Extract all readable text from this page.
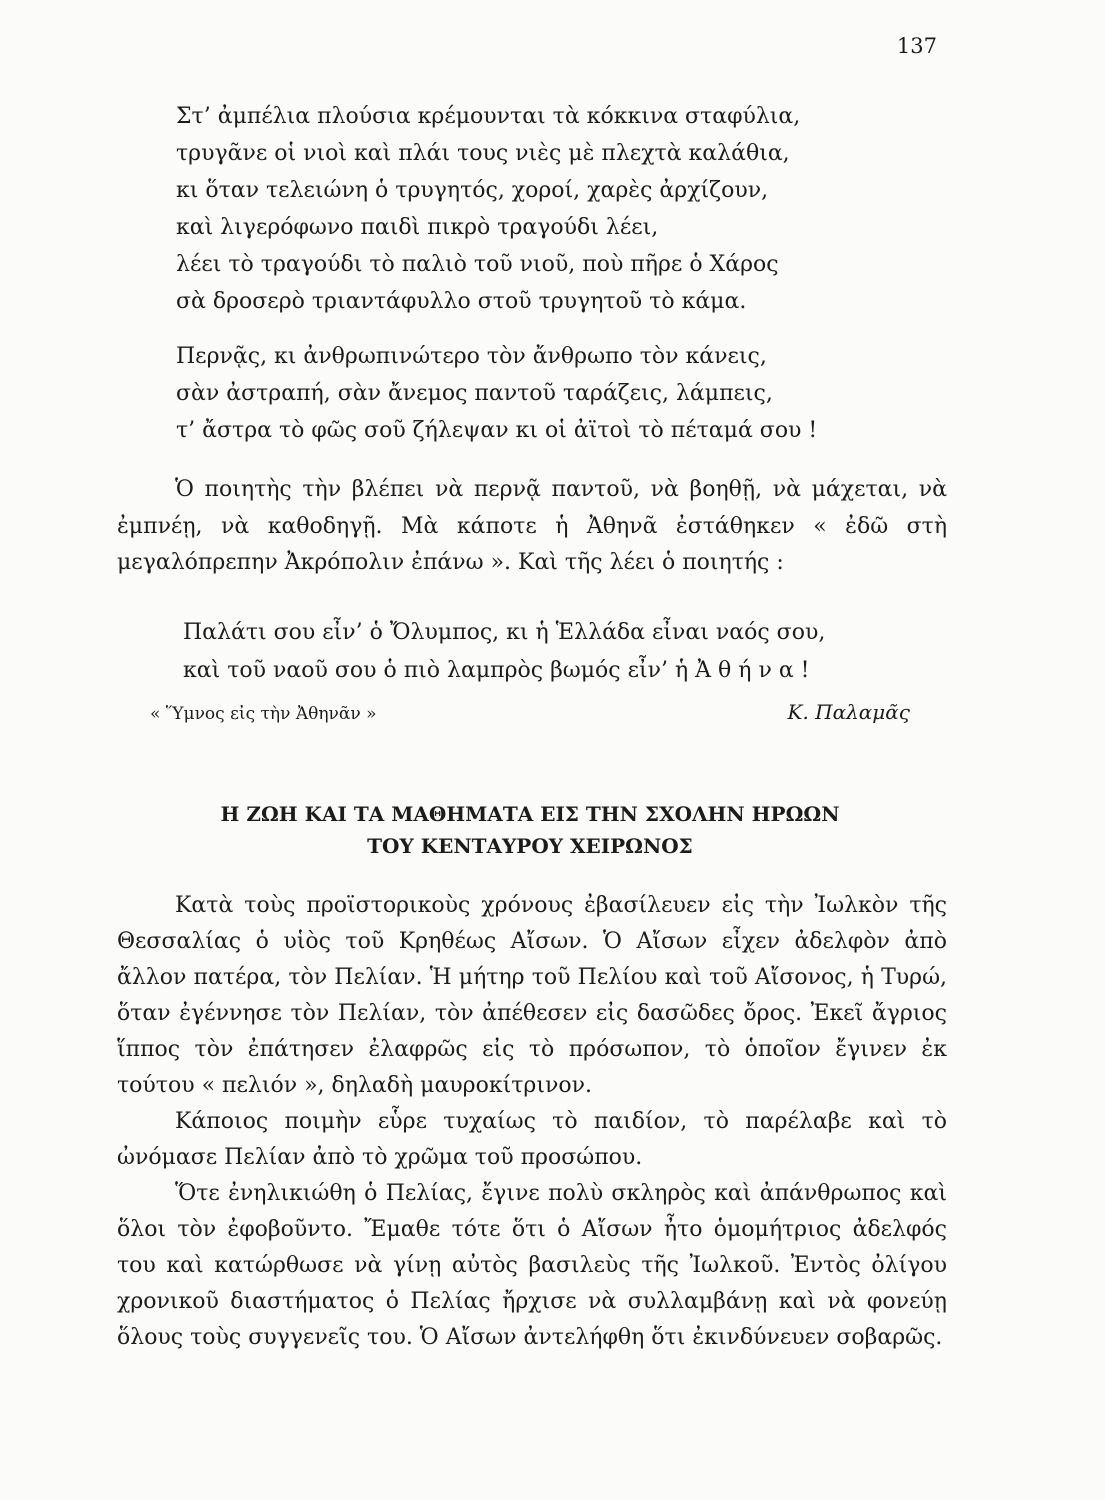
137
Στ’ ἀμπέλια πλούσια κρέμουνται τὰ κόκκινα σταφύλια,
τρυγᾶνε οἱ νιοὶ καὶ πλάι τους νιὲς μὲ πλεχτὰ καλάθια,
κι ὅταν τελειώνη ὁ τρυγητός, χοροί, χαρὲς ἀρχίζουν,
καὶ λιγερόφωνο παιδὶ πικρὸ τραγούδι λέει,
λέει τὸ τραγούδι τὸ παλιὸ τοῦ νιοῦ, ποὺ πῆρε ὁ Χάρος
σὰ δροσερὸ τριαντάφυλλο στοῦ τρυγητοῦ τὸ κάμα.
Περνᾷς, κι ἀνθρωπινώτερο τὸν ἄνθρωπο τὸν κάνεις,
σὰν ἀστραπή, σὰν ἄνεμος παντοῦ ταράζεις, λάμπεις,
τ’ ἄστρα τὸ φῶς σοῦ ζήλεψαν κι οἱ ἀϊτοὶ τὸ πέταμά σου !
Ὁ ποιητὴς τὴν βλέπει νὰ περνᾷ παντοῦ, νὰ βοηθῇ, νὰ μάχεται, νὰ ἐμπνέῃ, νὰ καθοδηγῇ. Μὰ κάποτε ἡ Ἀθηνᾶ ἐστάθηκεν « ἐδῶ στὴ μεγαλόπρεπην Ἀκρόπολιν ἐπάνω ». Καὶ τῆς λέει ὁ ποιητής :
Παλάτι σου εἶν’ ὁ Ὄλυμπος, κι ἡ Ἑλλάδα εἶναι ναός σου,
καὶ τοῦ ναοῦ σου ὁ πιὸ λαμπρὸς βωμός εἶν’ ἡ Ἀ θ ή ν α !
« Ὕμνος εἰς τὴν Ἀθηνᾶν »	Κ. Παλαμᾶς
Η ΖΩΗ ΚΑΙ ΤΑ ΜΑΘΗΜΑΤΑ ΕΙΣ ΤΗΝ ΣΧΟΛΗΝ ΗΡΩΩΝ
ΤΟΥ ΚΕΝΤΑΥΡΟΥ ΧΕΙΡΩΝΟΣ

Κατὰ τοὺς προϊστορικοὺς χρόνους ἐβασίλευεν εἰς τὴν Ἰωλκὸν τῆς Θεσσαλίας ὁ υἱὸς τοῦ Κρηθέως Αἴσων. Ὁ Αἴσων εἶχεν ἀδελφὸν ἀπὸ ἄλλον πατέρα, τὸν Πελίαν. Ἡ μήτηρ τοῦ Πελίου καὶ τοῦ Αἴσονος, ἡ Τυρώ, ὅταν ἐγέννησε τὸν Πελίαν, τὸν ἀπέθεσεν εἰς δασῶδες ὄρος. Ἐκεῖ ἄγριος ἵππος τὸν ἐπάτησεν ἐλαφρῶς εἰς τὸ πρόσωπον, τὸ ὁποῖον ἔγινεν ἐκ τούτου « πελιόν », δηλαδὴ μαυροκίτρινον.

Κάποιος ποιμὴν εὗρε τυχαίως τὸ παιδίον, τὸ παρέλαβε καὶ τὸ ὠνόμασε Πελίαν ἀπὸ τὸ χρῶμα τοῦ προσώπου.

Ὅτε ἐνηλικιώθη ὁ Πελίας, ἔγινε πολὺ σκληρὸς καὶ ἀπάνθρωπος καὶ ὅλοι τὸν ἐφοβοῦντο. Ἔμαθε τότε ὅτι ὁ Αἴσων ἦτο ὁμομήτριος ἀδελφός του καὶ κατώρθωσε νὰ γίνῃ αὐτὸς βασιλεὺς τῆς Ἰωλκοῦ. Ἐντὸς ὀλίγου χρονικοῦ διαστήματος ὁ Πελίας ἤρχισε νὰ συλλαμβάνῃ καὶ νὰ φονεύῃ ὅλους τοὺς συγγενεῖς του. Ὁ Αἴσων ἀντελήφθη ὅτι ἐκινδύνευεν σοβαρῶς.
